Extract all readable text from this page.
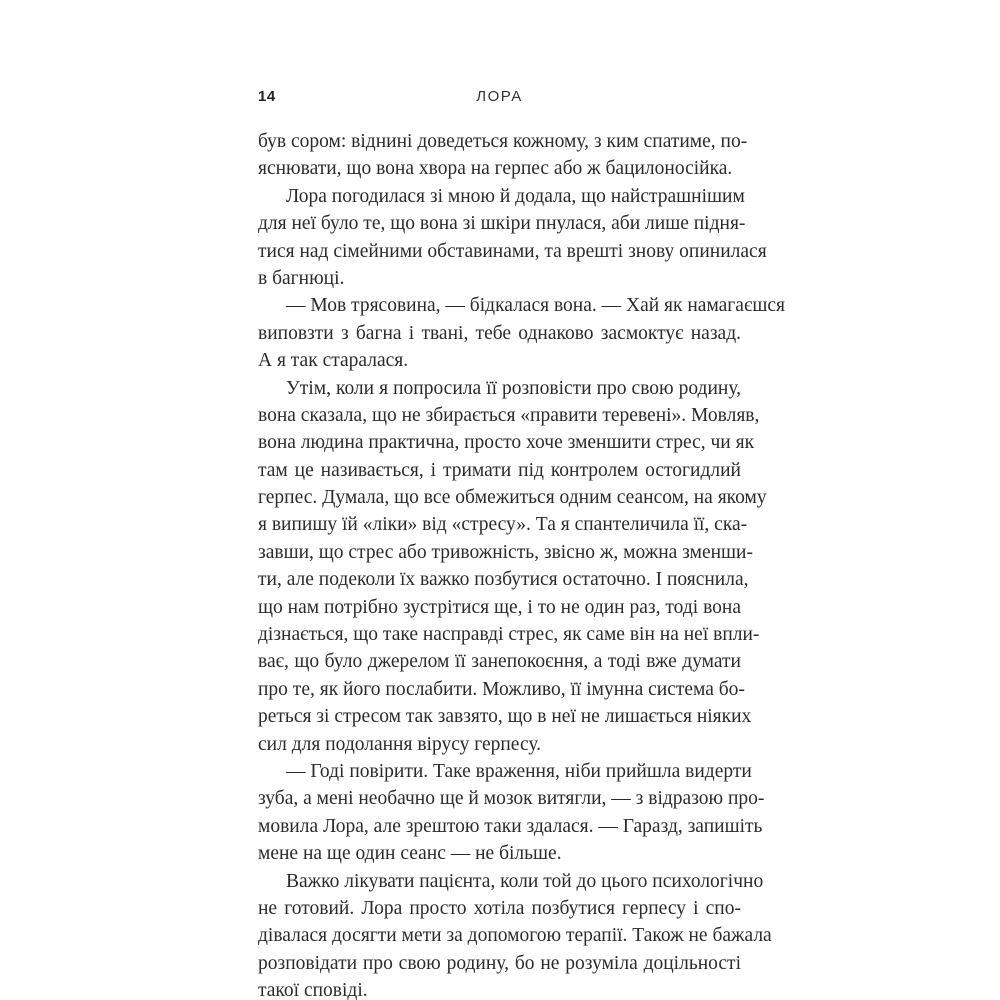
14	ЛОРА
був сором: віднині доведеться кожному, з ким спатиме, по-
яснювати, що вона хвора на герпес або ж бацилоносійка.
Лора погодилася зі мною й додала, що найстрашнішим
для неї було те, що вона зі шкіри пнулася, аби лише підня-
тися над сімейними обставинами, та врешті знову опинилася
в багнюці.
— Мов трясовина, — бідкалася вона. — Хай як намагаєшся
виповзти з багна і твані, тебе однаково засмоктує назад.
А я так старалася.
Утім, коли я попросила її розповісти про свою родину,
вона сказала, що не збирається «правити теревені». Мовляв,
вона людина практична, просто хоче зменшити стрес, чи як
там це називається, і тримати під контролем остогидлий
герпес. Думала, що все обмежиться одним сеансом, на якому
я випишу їй «ліки» від «стресу». Та я спантеличила її, ска-
завши, що стрес або тривожність, звісно ж, можна зменши-
ти, але подеколи їх важко позбутися остаточно. І пояснила,
що нам потрібно зустрітися ще, і то не один раз, тоді вона
дізнається, що таке насправді стрес, як саме він на неї впли-
ває, що було джерелом її занепокоєння, а тоді вже думати
про те, як його послабити. Можливо, її імунна система бо-
реться зі стресом так завзято, що в неї не лишається ніяких
сил для подолання вірусу герпесу.
— Годі повірити. Таке враження, ніби прийшла видерти
зуба, а мені необачно ще й мозок витягли, — з відразою про-
мовила Лора, але зрештою таки здалася. — Гаразд, запишіть
мене на ще один сеанс — не більше.
Важко лікувати пацієнта, коли той до цього психологічно
не готовий. Лора просто хотіла позбутися герпесу і спо-
дівалася досягти мети за допомогою терапії. Також не бажала
розповідати про свою родину, бо не розуміла доцільності
такої сповіді.
